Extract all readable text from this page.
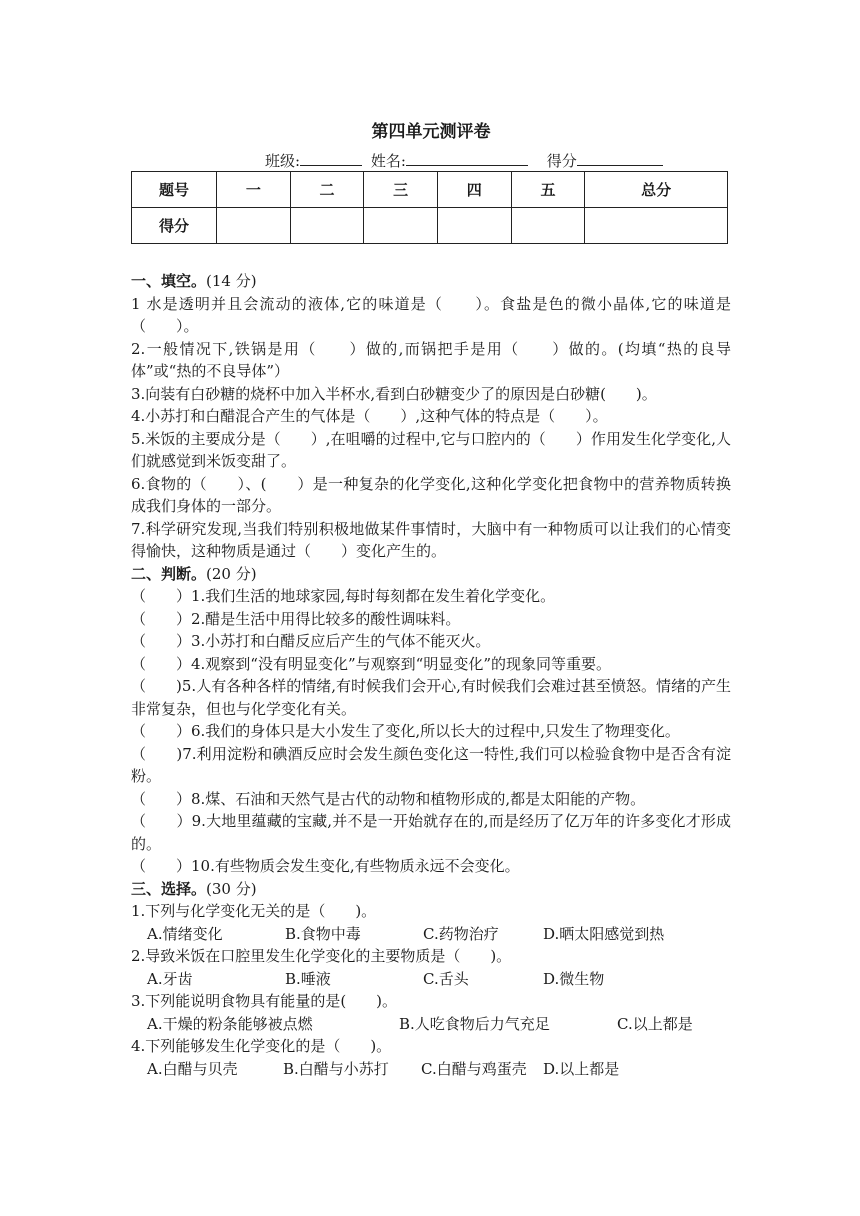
第四单元测评卷
班级:	姓名:	得分
题号	一	二	三	四	五	总分
得分						

一、填空。(14 分)

1 水是透明并且会流动的液体,它的味道是（　　）。食盐是色的微小晶体,它的味道是（　　）。

2.一般情况下,铁锅是用（　　）做的,而锅把手是用（　　）做的。(均填“热的良导体”或“热的不良导体”）

3.向装有白砂糖的烧杯中加入半杯水,看到白砂糖变少了的原因是白砂糖(　　)。

4.小苏打和白醋混合产生的气体是（　　）,这种气体的特点是（　　）。

5.米饭的主要成分是（　　）,在咀嚼的过程中,它与口腔内的（　　）作用发生化学变化,人们就感觉到米饭变甜了。

6.食物的（　　）、(　　）是一种复杂的化学变化,这种化学变化把食物中的营养物质转换成我们身体的一部分。

7.科学研究发现,当我们特别积极地做某件事情时，大脑中有一种物质可以让我们的心情变得愉快，这种物质是通过（　　）变化产生的。

二、判断。(20 分)

（　　）1.我们生活的地球家园,每时每刻都在发生着化学变化。

（　　）2.醋是生活中用得比较多的酸性调味料。

（　　）3.小苏打和白醋反应后产生的气体不能灭火。

（　　）4.观察到“没有明显变化”与观察到“明显变化”的现象同等重要。

（　　)5.人有各种各样的情绪,有时候我们会开心,有时候我们会难过甚至愤怒。情绪的产生非常复杂，但也与化学变化有关。

（　　）6.我们的身体只是大小发生了变化,所以长大的过程中,只发生了物理变化。

（　　)7.利用淀粉和碘酒反应时会发生颜色变化这一特性,我们可以检验食物中是否含有淀粉。

（　　）8.煤、石油和天然气是古代的动物和植物形成的,都是太阳能的产物。

（　　）9.大地里蕴藏的宝藏,并不是一开始就存在的,而是经历了亿万年的许多变化才形成的。

（　　）10.有些物质会发生变化,有些物质永远不会变化。

三、选择。(30 分)

1.下列与化学变化无关的是（　　)。

A.情绪变化	B.食物中毒	C.药物治疗	D.晒太阳感觉到热

2.导致米饭在口腔里发生化学变化的主要物质是（　　)。

A.牙齿	B.唾液	C.舌头	D.微生物

3.下列能说明食物具有能量的是(　　)。

A.干燥的粉条能够被点燃	B.人吃食物后力气充足	C.以上都是

4.下列能够发生化学变化的是（　　)。

A.白醋与贝壳	B.白醋与小苏打 C.白醋与鸡蛋壳 D.以上都是
